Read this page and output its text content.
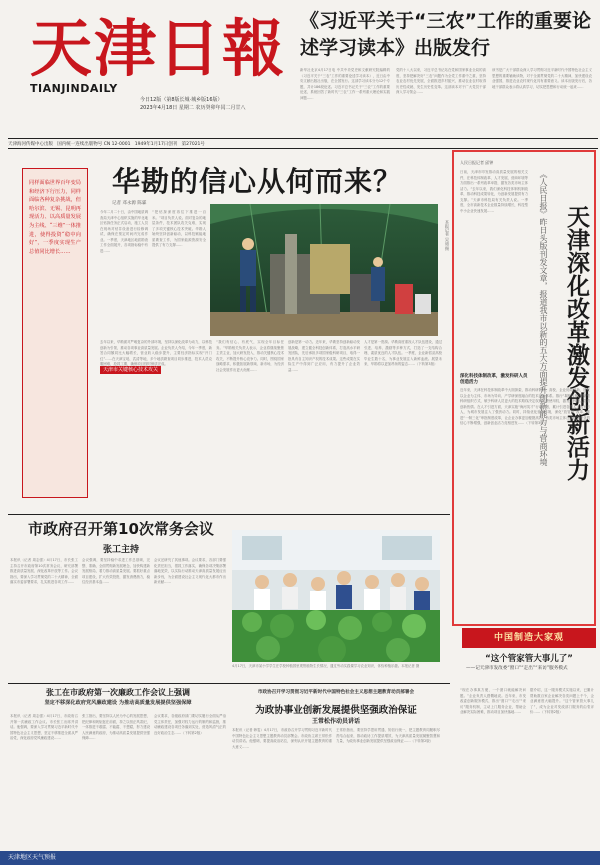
天津日報
TIANJINDAILY
今日12版（第8版长城·城乡版16版）
2023年4月18日 星期二 农历癸卯年闰二月廿八
《习近平关于“三农”工作的重要论述学习读本》出版发行
新华社北京4月17日电 中共中央党史和文献研究院编辑的《习近平关于“三农”工作的重要论述学习读本》，近日由中央文献出版社出版，在全国发行。这部学习读本分为12个专题，共计186段论述。习近平总书记关于“三农”工作的重要论述，系统回答了新时代“三农”工作一系列重大理论和实践问题……
党的十八大以来，习近平总书记站在党和国家事业全局的高度，坚持把解决好“三农”问题作为全党工作重中之重，坚持农业农村优先发展，全面推进乡村振兴，推动农业农村取得历史性成就、发生历史性变革。这部读本对于广大党员干部深入学习领会……
该书是广大干部群众深入学习贯彻习近平新时代中国特色社会主义思想的重要辅助读物，对于全面贯彻党的二十大精神，加快建设农业强国，推进农业农村现代化具有重要意义。读本出版发行后，各地干部群众表示将认真学习，切实把思想和行动统一起来……
天津海河传媒中心出版 国内统一连续出版物号 CN 12-0001 1949年1月17日创刊 第27021号
同样面临世界百年变局和经济下行压力，同样面临各种复杂挑战，但哈尔滨、无锡、昆明再现活力、以高质量发展为主线、“三维”一体推进，使得投资“稳中向好”，一季度实现生产总值同比增长……
华勘的信心从何而来？
记者 邓永源 陈霖
今年二月二十日，由中国地质调查局天津中心组织实施的华北地区钻探任务正式启动，施工人员在现场对钻井设备进行检修调试，确保在预定时间内完成作业。一季度，天津地区地质勘查工作全面展开，各项指标稳中有进……
“把钻探深度再往下推进一百米。”项目负责人说。面对复杂的地层条件，技术团队攻关克难，实现了多项关键核心技术突破。华勘人始终坚持创新驱动，以科技赋能地质勘查工作，为国家能源资源安全提供了有力支撑……	本报记者 吴迪 摄
去年以来，华勘面对严峻复杂的外部环境，坚持以深化改革为动力，以科技创新为引领，推动各项事业高质量发展。企业负责人介绍，今年一季度，新签合同额同比大幅增长，营业收入稳步提升，主要经济指标实现“开门红”……在天津宝坻、武清等地，多个地质勘查项目同步推进，技术人员克服困难，抢抓工期，确保项目按时保质完成。
天津市关键核心技术攻关
“我们有信心、有底气，实现全年目标任务。”华勘相关负责人表示，企业将继续聚焦主责主业，加大研发投入，推动关键核心技术攻关，不断提升核心竞争力。同时，围绕国家战略需求，积极拓展新领域、新市场，为经济社会发展作出更大贡献……
创新是第一动力。近年来，华勘坚持创新驱动发展战略，建立健全科技创新体系，打造高水平研发团队，先后承担多项国家级科研项目，取得一批具有自主知识产权的技术成果。这些成果在实际生产中得到广泛应用，有力提升了企业效益……
人才是第一资源。华勘高度重视人才队伍建设，通过引进、培养、激励等多种方式，打造了一支结构合理、素质优良的人才队伍。一季度，企业新招录高校毕业生数十名，为事业发展注入新鲜血液。展望未来，华勘将以更加昂扬的姿态……（下转第3版）	天津深化改革激发创新活力
《人民日报》昨日头版刊发文章，报道我市以新的五大方面提升创新能力与营商环境
人民日报记者 邱钟
日前，天津市印发推动高质量发展的相关文件，在科技体制改革、人才发展、营商环境等方面推出一系列改革举措，激发各类市场主体活力。“去年以来，我们深化科技体制机制改革，推动科技成果转化，为创新发展提供有力支撑。”天津市科技局有关负责人说。一季度，全市高新技术企业数量持续增长，科技型中小企业快速发展……
深化科技体制改革，激发科研人员创造活力
近年来，天津在科技体制改革中大胆探索，推动科研院所、高校、企业协同创新，建立以企业为主体、市场为导向、产学研深度融合的技术创新体系。推行“揭榜挂帅”等新型科研组织方式，赋予科研人员更大的技术路线决定权和经费使用权，激发了科研人员的创新热情。在人才引进方面，天津实施“海河英才”行动计划，累计引进各类人才数十万人，为城市发展注入了强劲动力。同时，持续优化营商环境，深化“放管服”改革，推进“一制三化”审批制度改革，让企业办事更加便捷高效。各类市场主体在津投资兴业的信心不断增强，创新创业活力竞相迸发……（下转第3版）
市政府召开第10次常务会议
张工主持
本报讯（记者 周志强）4月17日，市长张工主持召开市政府第10次常务会议，研究部署推进高质量发展、深化改革开放等工作。会议指出，要深入学习贯彻党的二十大精神，全面落实市委部署要求，扎实推进各项工作……
会议强调，要坚持稳中求进工作总基调，完整、准确、全面贯彻新发展理念，加快构建新发展格局，着力推动高质量发展。要抓好重点项目建设，扩大有效投资，激发消费潜力，稳住经济基本盘……
会议还研究了其他事项。会议要求，各部门要强化责任担当，狠抓工作落实，确保各项决策部署落地见效，以实际行动推动天津高质量发展迈出新步伐，为全面建设社会主义现代化大都市作出新贡献……
4月17日，天津市某小学学生在学校种植园里观察植物生长情况，通过劳动实践课学习农业知识，体验种植乐趣。本报记者 摄
张工在市政府第一次廉政工作会议上强调
坚定不移深化政府党风廉政建设 为推动高质量发展提供坚强保障
本报讯（记者 周志强）4月17日，市政府召开第一次廉政工作会议。市长张工出席并讲话。他强调，要深入学习贯彻习近平新时代中国特色社会主义思想，坚定不移推进全面从严治党，深化政府党风廉政建设……
张工指出，要坚持以人民为中心的发展思想，把纪律和规矩挺在前面，持之以恒正风肃纪，一体推进不敢腐、不能腐、不想腐，努力建设人民满意的政府，为推动高质量发展提供坚强保障……
会议要求，各级政府部门要切实履行全面从严治党主体责任，加强对权力运行的制约和监督，推动廉政建设各项任务落到实处，营造风清气正的良好政治生态……（下转第2版）
市政协召开学习贯彻习近平新时代中国特色社会主义思想主题教育动员部署会
为政协事业创新发展提供坚强政治保证
王常松作动员讲话
本报讯（记者 韩雯）4月17日，市政协召开学习贯彻习近平新时代中国特色社会主义思想主题教育动员部署会。市政协主席王常松作动员讲话。他强调，要提高政治站位，深刻认识开展主题教育的重大意义……
王常松指出，要坚持学思用贯通、知信行统一，把主题教育同履职尽责结合起来，推动政协工作提质增效，为天津高质量发展凝聚智慧和力量，为政协事业创新发展提供坚强政治保证……（下转第2版）
中国制造大家观
“这个管家管大事儿了”
——记天津市发改委“窗口”“走出”“来访”服务模式
“现在办事真方便，一个窗口就能解决问题。”企业负责人感慨地说。近年来，市发改委创新服务模式，推出“窗口”“走出”“来访”服务机制，主动上门服务企业，帮助企业解决实际困难，推动项目加快落地……
据介绍，这一服务模式实施以来，已累计帮助数百家企业解决各类问题上千个，企业满意度大幅提升。“这个管家管大事儿了”，成为企业对发改部门服务的由衷评价……（下转第2版）
天津地区天气预报
